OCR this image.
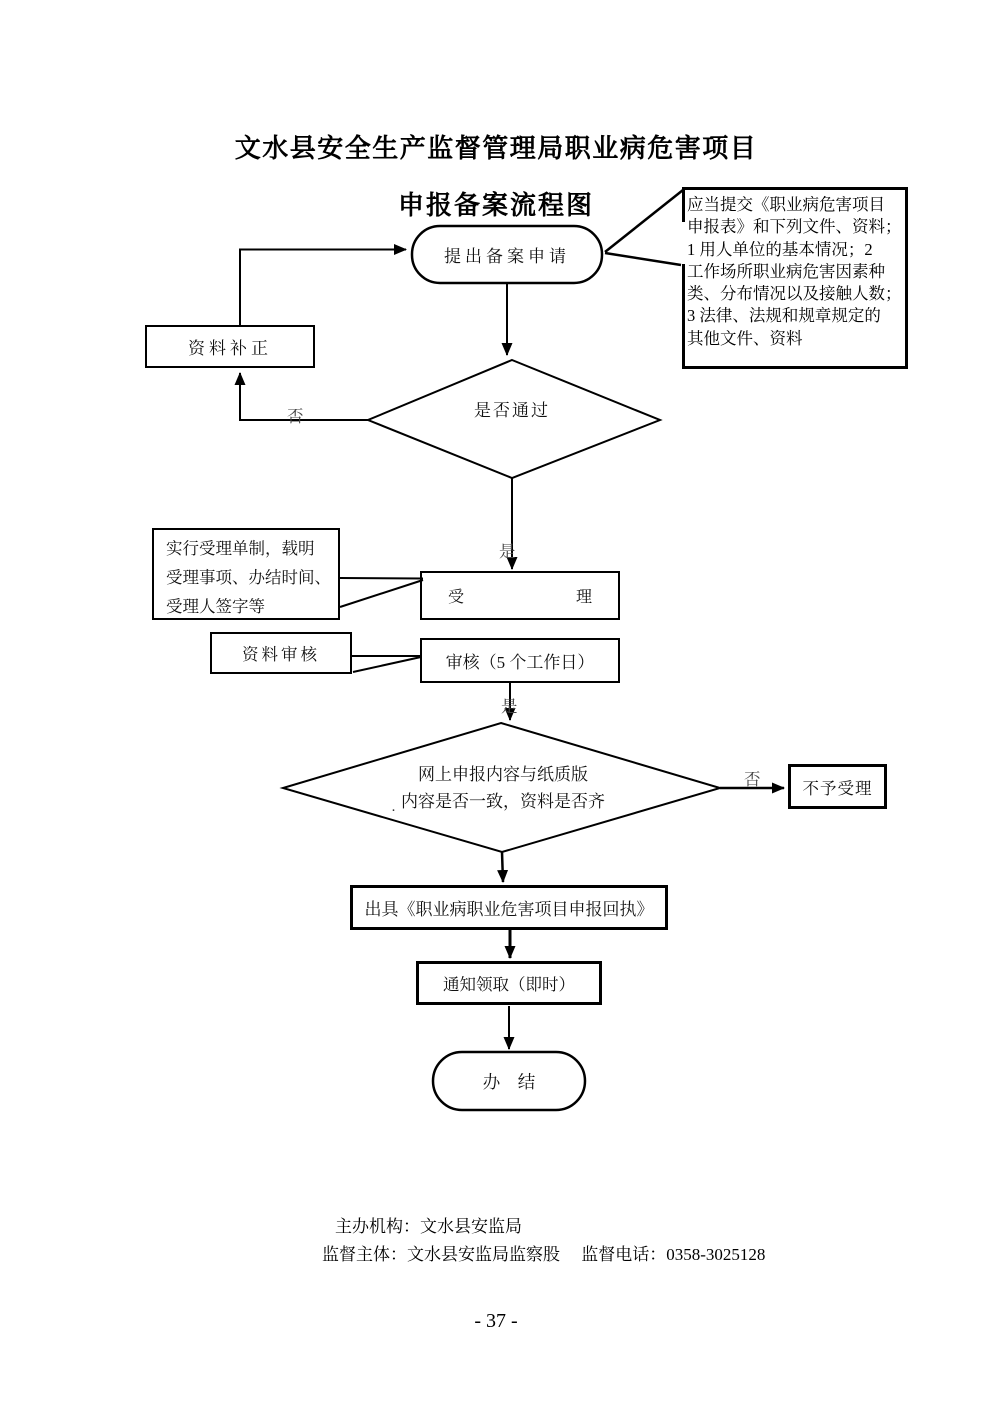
文水县安全生产监督管理局职业病危害项目
申报备案流程图
提出备案申请
应当提交《职业病危害项目
申报表》和下列文件、资料；
1 用人单位的基本情况；2
工作场所职业病危害因素种
类、分布情况以及接触人数；
3 法律、法规和规章规定的
其他文件、资料
资料补正
是否通过
否
是
是
否
实行受理单制，载明
受理事项、办结时间、
受理人签字等	受　　　　　　　理
资料审核	审核（5 个工作日）
网上申报内容与纸质版
内容是否一致，资料是否齐
·
不予受理
出具《职业病职业危害项目申报回执》
通知领取（即时）
办　结
主办机构：文水县安监局
监督主体：文水县安监局监察股　 监督电话：0358-3025128
- 37 -
